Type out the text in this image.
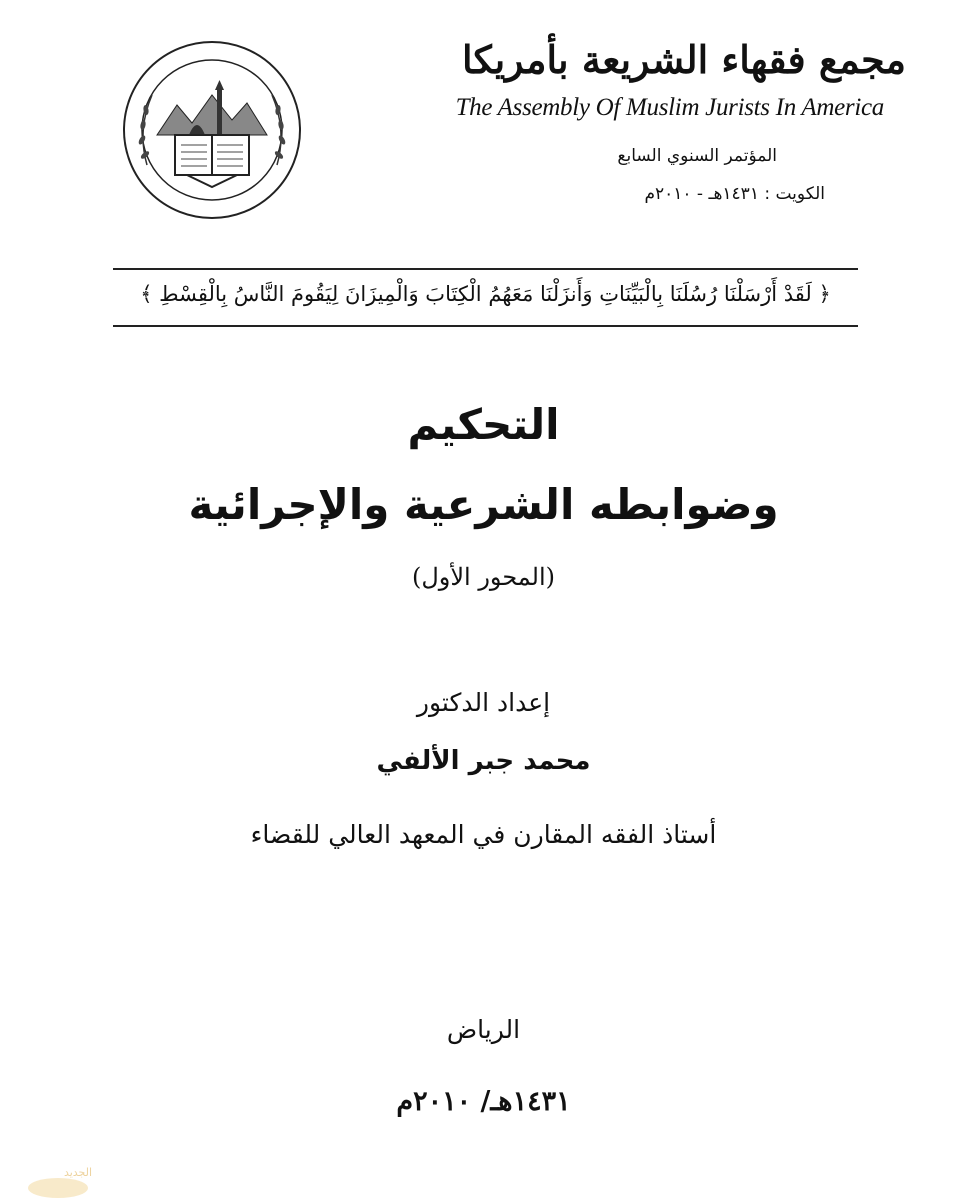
مجمع فقهاء الشريعة بأمريكا
The Assembly Of Muslim Jurists In America
المؤتمر السنوي السابع
الكويت : ١٤٣١هـ - ٢٠١٠م
﴿ لَقَدْ أَرْسَلْنَا رُسُلَنَا بِالْبَيِّنَاتِ وَأَنزَلْنَا مَعَهُمُ الْكِتَابَ وَالْمِيزَانَ لِيَقُومَ النَّاسُ بِالْقِسْطِ ﴾
التحكيم
وضوابطه الشرعية والإجرائية
(المحور الأول)
إعداد الدكتور
محمد جبر الألفي
أستاذ الفقه المقارن في المعهد العالي للقضاء
الرياض
١٤٣١هـ/ ٢٠١٠م
الجديد
